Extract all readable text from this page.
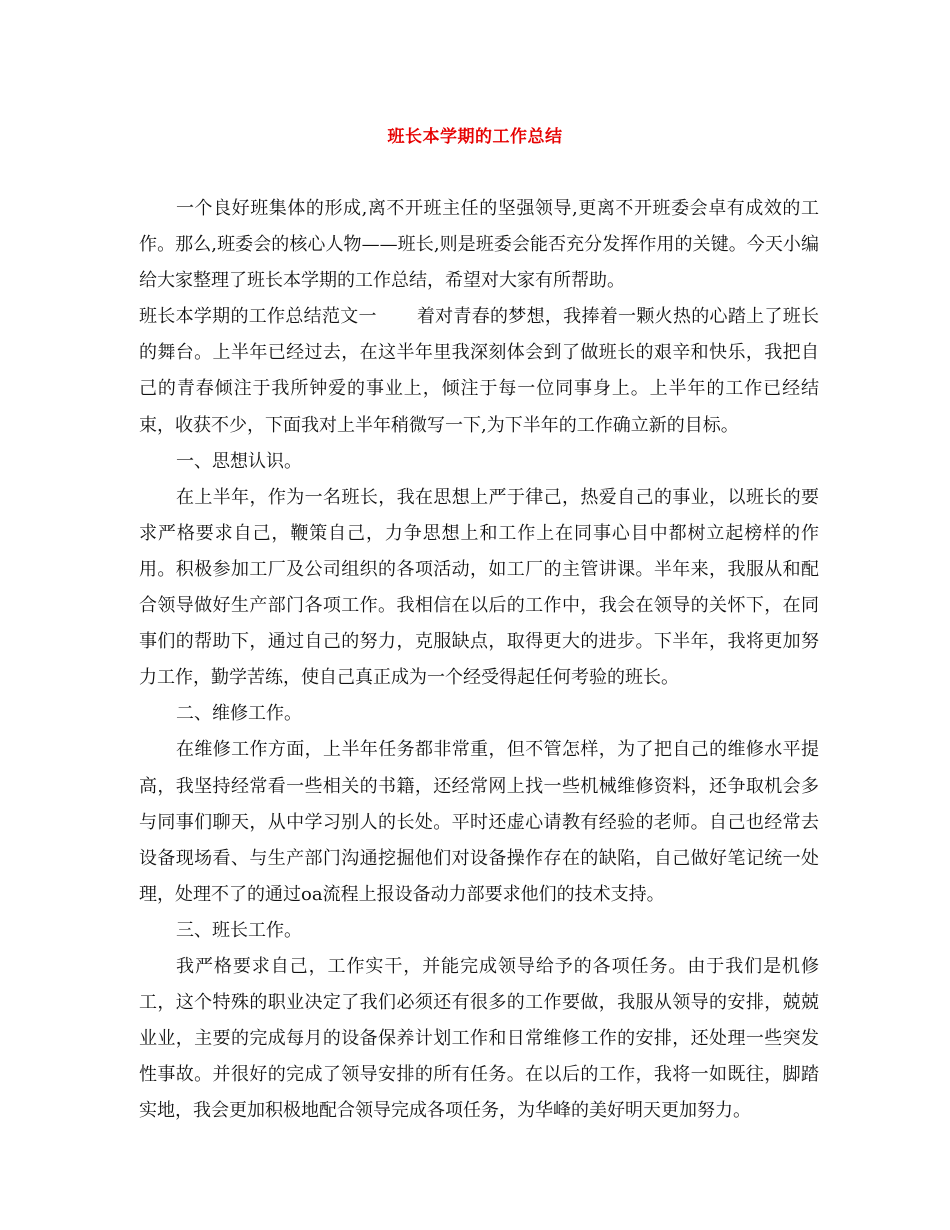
班长本学期的工作总结

一个良好班集体的形成,离不开班主任的坚强领导,更离不开班委会卓有成效的工作。那么,班委会的核心人物——班长,则是班委会能否充分发挥作用的关键。今天小编给大家整理了班长本学期的工作总结，希望对大家有所帮助。

班长本学期的工作总结范文一 着对青春的梦想，我捧着一颗火热的心踏上了班长的舞台。上半年已经过去，在这半年里我深刻体会到了做班长的艰辛和快乐，我把自己的青春倾注于我所钟爱的事业上，倾注于每一位同事身上。上半年的工作已经结束，收获不少，下面我对上半年稍微写一下,为下半年的工作确立新的目标。

一、思想认识。

在上半年，作为一名班长，我在思想上严于律己，热爱自己的事业，以班长的要求严格要求自己，鞭策自己，力争思想上和工作上在同事心目中都树立起榜样的作用。积极参加工厂及公司组织的各项活动，如工厂的主管讲课。半年来，我服从和配合领导做好生产部门各项工作。我相信在以后的工作中，我会在领导的关怀下，在同事们的帮助下，通过自己的努力，克服缺点，取得更大的进步。下半年，我将更加努力工作，勤学苦练，使自己真正成为一个经受得起任何考验的班长。

二、维修工作。

在维修工作方面，上半年任务都非常重，但不管怎样，为了把自己的维修水平提高，我坚持经常看一些相关的书籍，还经常网上找一些机械维修资料，还争取机会多与同事们聊天，从中学习别人的长处。平时还虚心请教有经验的老师。自己也经常去设备现场看、与生产部门沟通挖掘他们对设备操作存在的缺陷，自己做好笔记统一处理，处理不了的通过oa流程上报设备动力部要求他们的技术支持。

三、班长工作。

我严格要求自己，工作实干，并能完成领导给予的各项任务。由于我们是机修工，这个特殊的职业决定了我们必须还有很多的工作要做，我服从领导的安排，兢兢业业，主要的完成每月的设备保养计划工作和日常维修工作的安排，还处理一些突发性事故。并很好的完成了领导安排的所有任务。在以后的工作，我将一如既往，脚踏实地，我会更加积极地配合领导完成各项任务，为华峰的美好明天更加努力。
